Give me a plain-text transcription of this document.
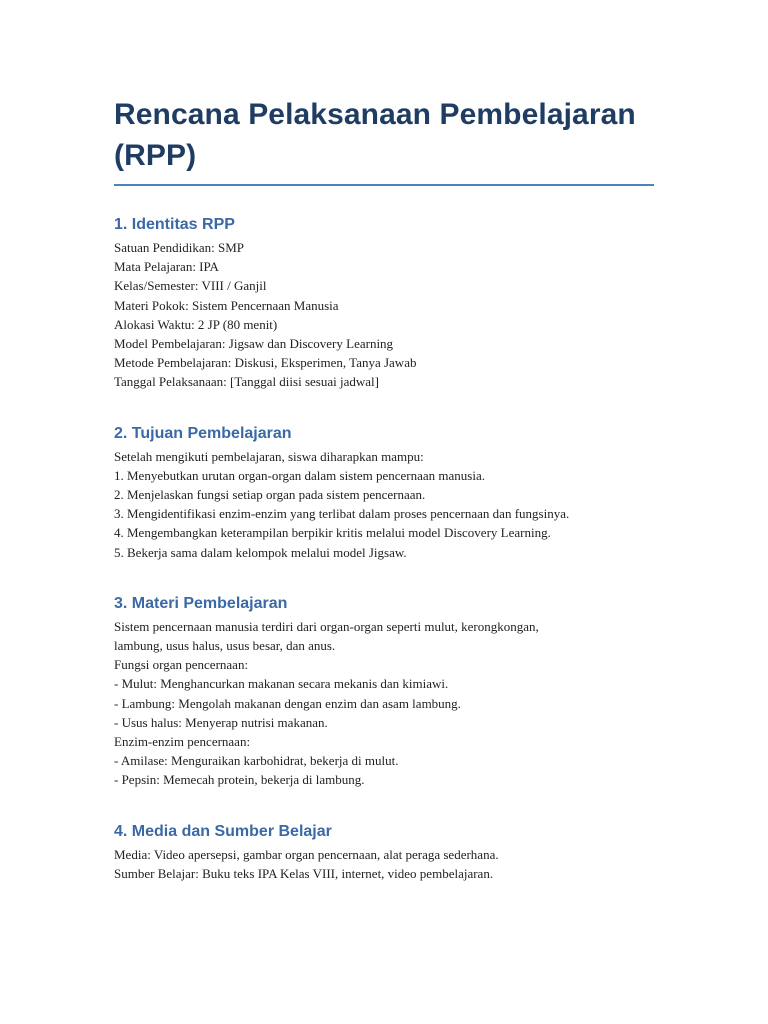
Rencana Pelaksanaan Pembelajaran
(RPP)
1. Identitas RPP

Satuan Pendidikan: SMP

Mata Pelajaran: IPA

Kelas/Semester: VIII / Ganjil

Materi Pokok: Sistem Pencernaan Manusia

Alokasi Waktu: 2 JP (80 menit)

Model Pembelajaran: Jigsaw dan Discovery Learning

Metode Pembelajaran: Diskusi, Eksperimen, Tanya Jawab

Tanggal Pelaksanaan: [Tanggal diisi sesuai jadwal]

2. Tujuan Pembelajaran

Setelah mengikuti pembelajaran, siswa diharapkan mampu:

1. Menyebutkan urutan organ-organ dalam sistem pencernaan manusia.

2. Menjelaskan fungsi setiap organ pada sistem pencernaan.

3. Mengidentifikasi enzim-enzim yang terlibat dalam proses pencernaan dan fungsinya.

4. Mengembangkan keterampilan berpikir kritis melalui model Discovery Learning.

5. Bekerja sama dalam kelompok melalui model Jigsaw.

3. Materi Pembelajaran

Sistem pencernaan manusia terdiri dari organ-organ seperti mulut, kerongkongan,

lambung, usus halus, usus besar, dan anus.

Fungsi organ pencernaan:

- Mulut: Menghancurkan makanan secara mekanis dan kimiawi.

- Lambung: Mengolah makanan dengan enzim dan asam lambung.

- Usus halus: Menyerap nutrisi makanan.

Enzim-enzim pencernaan:

- Amilase: Menguraikan karbohidrat, bekerja di mulut.

- Pepsin: Memecah protein, bekerja di lambung.

4. Media dan Sumber Belajar

Media: Video apersepsi, gambar organ pencernaan, alat peraga sederhana.

Sumber Belajar: Buku teks IPA Kelas VIII, internet, video pembelajaran.
